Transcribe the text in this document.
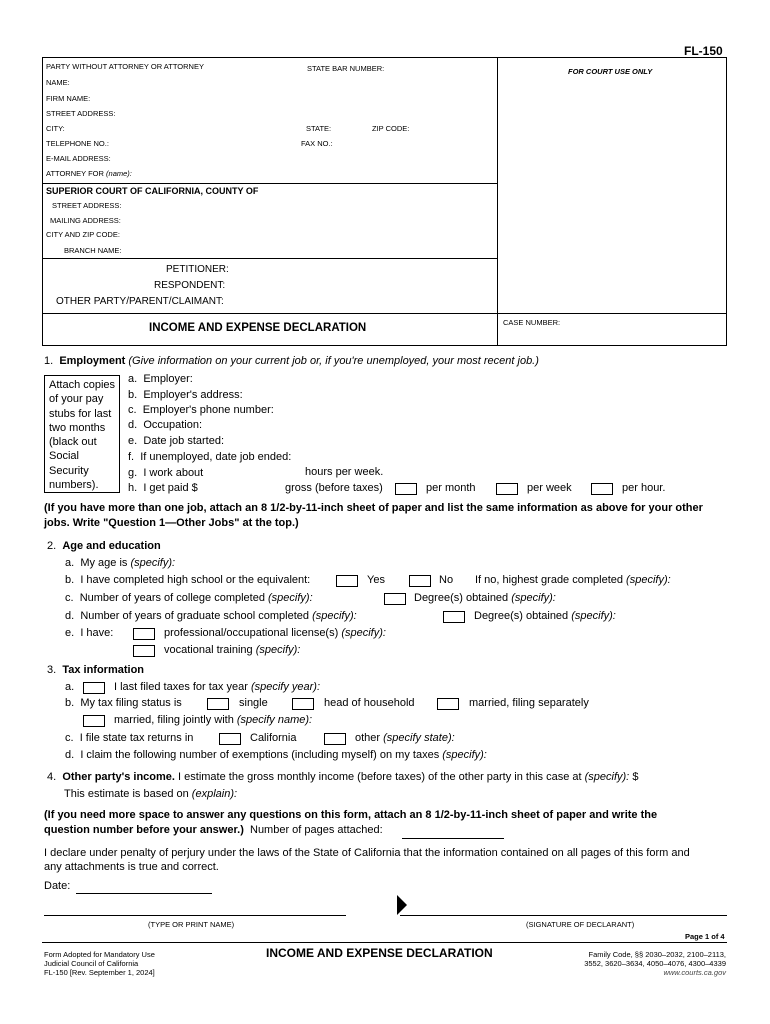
FL-150
PARTY WITHOUT ATTORNEY OR ATTORNEY	STATE BAR NUMBER:	FOR COURT USE ONLY
NAME:
FIRM NAME:
STREET ADDRESS:
CITY:	STATE:	ZIP CODE:
TELEPHONE NO.:	FAX NO.:
E-MAIL ADDRESS:
ATTORNEY FOR (name):
SUPERIOR COURT OF CALIFORNIA, COUNTY OF
STREET ADDRESS:
MAILING ADDRESS:
CITY AND ZIP CODE:
BRANCH NAME:
PETITIONER:
RESPONDENT:
OTHER PARTY/PARENT/CLAIMANT:
INCOME AND EXPENSE DECLARATION	CASE NUMBER:
1. Employment (Give information on your current job or, if you're unemployed, your most recent job.)
Attach copies
of your pay
stubs for last
two months
(black out
Social
Security
numbers).
a. Employer:
b. Employer's address:
c. Employer's phone number:
d. Occupation:
e. Date job started:
f. If unemployed, date job ended:
g. I work about	hours per week.
h. I get paid $	gross (before taxes)	per month	per week	per hour.
(If you have more than one job, attach an 8 1/2-by-11-inch sheet of paper and list the same information as above for your other
jobs. Write "Question 1—Other Jobs" at the top.)
2. Age and education
a. My age is (specify):
b. I have completed high school or the equivalent:	Yes	No If no, highest grade completed (specify):
c. Number of years of college completed (specify):	Degree(s) obtained (specify):
d. Number of years of graduate school completed (specify):	Degree(s) obtained (specify):
e. I have:	professional/occupational license(s) (specify):
vocational training (specify):
3. Tax information
a.	I last filed taxes for tax year (specify year):
b. My tax filing status is	single	head of household	married, filing separately
married, filing jointly with (specify name):
c. I file state tax returns in	California	other (specify state):
d. I claim the following number of exemptions (including myself) on my taxes (specify):
4. Other party's income. I estimate the gross monthly income (before taxes) of the other party in this case at (specify): $
This estimate is based on (explain):
(If you need more space to answer any questions on this form, attach an 8 1/2-by-11-inch sheet of paper and write the
question number before your answer.) Number of pages attached:
I declare under penalty of perjury under the laws of the State of California that the information contained on all pages of this form and
any attachments is true and correct.
Date:
(TYPE OR PRINT NAME)	(SIGNATURE OF DECLARANT)
Page 1 of 4
Form Adopted for Mandatory Use
Judicial Council of California
FL-150 [Rev. September 1, 2024]
INCOME AND EXPENSE DECLARATION	Family Code, §§ 2030–2032, 2100–2113,
3552, 3620–3634, 4050–4076, 4300–4339
www.courts.ca.gov
